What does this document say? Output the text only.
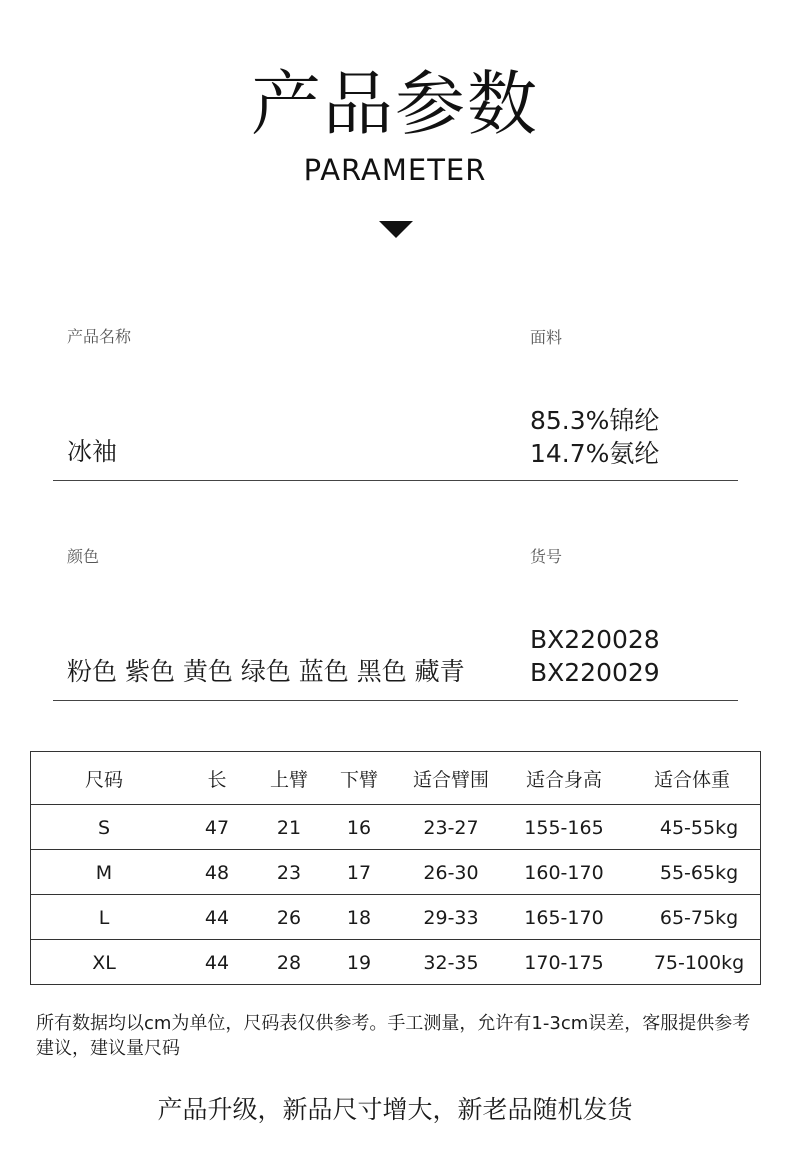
产品参数
PARAMETER
产品名称
冰袖
面料
85.3%锦纶
14.7%氨纶
颜色
粉色 紫色 黄色 绿色 蓝色 黑色 藏青
货号
BX220028
BX220029
尺码	长	上臂	下臂	适合臂围	适合身高	适合体重
S	47	21	16	23-27	155-165	45-55kg
M	48	23	17	26-30	160-170	55-65kg
L	44	26	18	29-33	165-170	65-75kg
XL	44	28	19	32-35	170-175	75-100kg
所有数据均以cm为单位，尺码表仅供参考。手工测量，允许有1-3cm误差，客服提供参考建议，建议量尺码
产品升级，新品尺寸增大，新老品随机发货
